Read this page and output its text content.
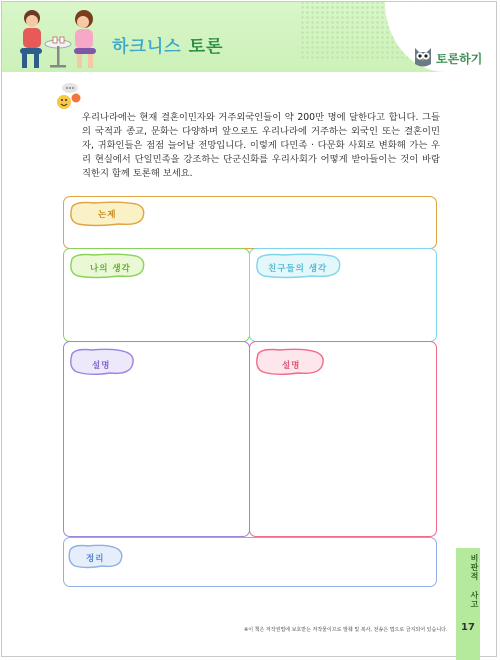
하크니스 토론
토론하기
우리나라에는 현재 결혼이민자와 거주외국인들이 약 200만 명에 달한다고 합니다. 그들의 국적과 종교, 문화는 다양하며 앞으로도 우리나라에 거주하는 외국인 또는 결혼이민자, 귀화인들은 점점 늘어날 전망입니다. 이렇게 다민족 · 다문화 사회로 변화해 가는 우리 현실에서 단일민족을 강조하는 단군신화를 우리사회가 어떻게 받아들이는 것이 바람직한지 함께 토론해 보세요.
논제
나의 생각	친구들의 생각
설명	설명
정리	비판적 사고
17
※이 책은 저작권법에 보호받는 저작물이므로 발췌 및 복사, 전송은 법으로 금지되어 있습니다.
